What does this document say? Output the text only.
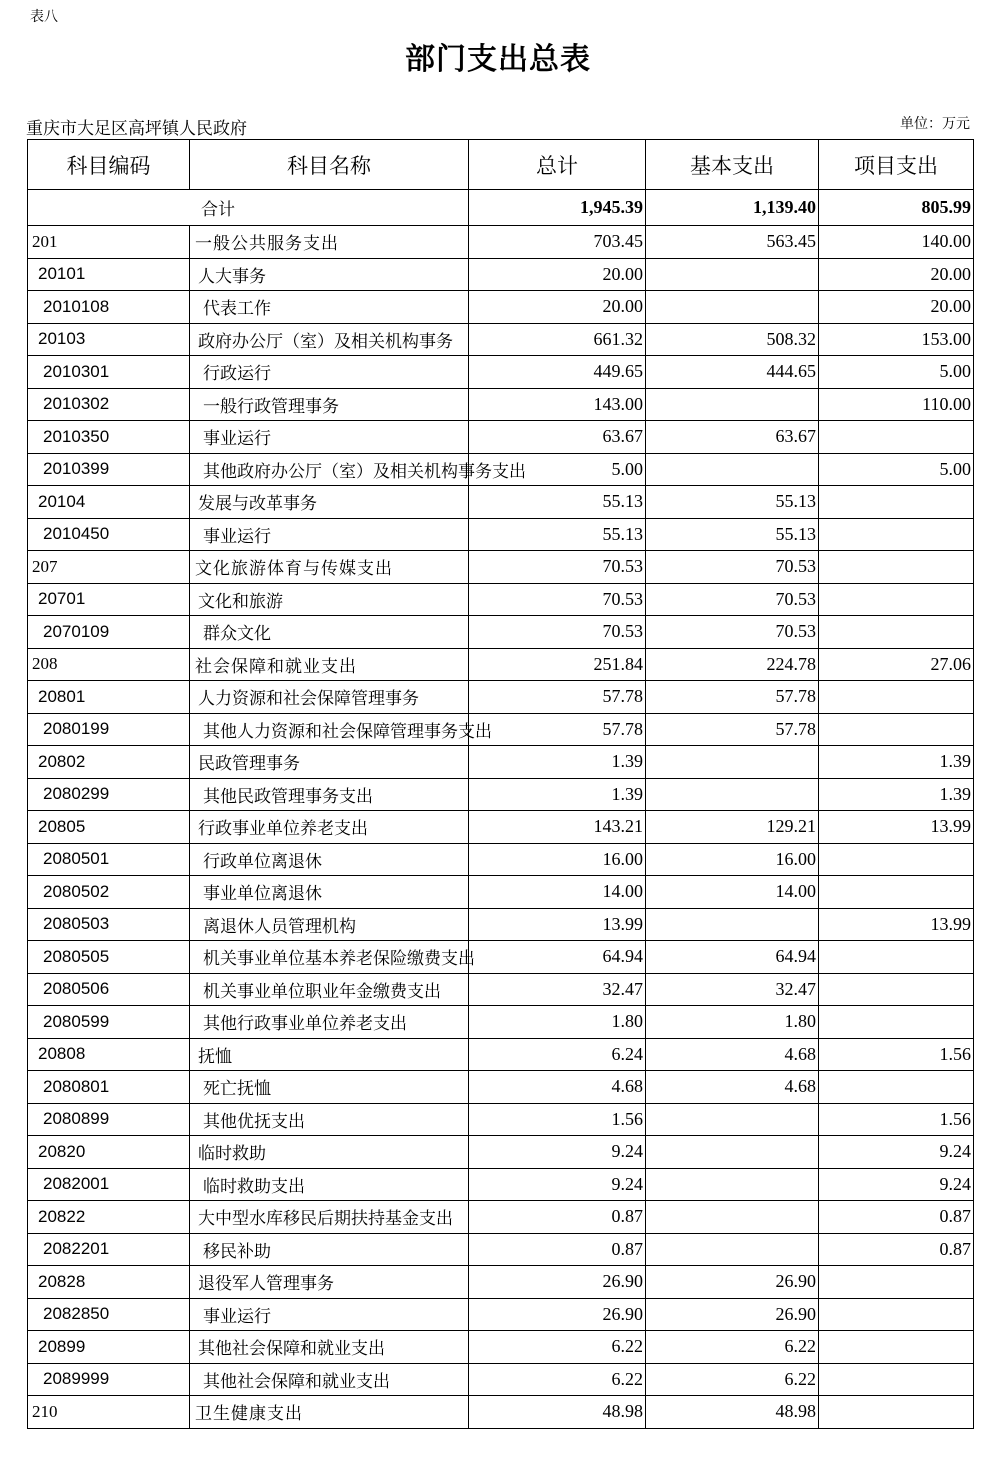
表八
部门支出总表
重庆市大足区高坪镇人民政府	单位：万元
科目编码	科目名称	总计	基本支出	项目支出
合计		1,945.39	1,139.40	805.99
201	一般公共服务支出	703.45	563.45	140.00
20101	人大事务	20.00		20.00
2010108	代表工作	20.00		20.00
20103	政府办公厅（室）及相关机构事务	661.32	508.32	153.00
2010301	行政运行	449.65	444.65	5.00
2010302	一般行政管理事务	143.00		110.00
2010350	事业运行	63.67	63.67	
2010399	其他政府办公厅（室）及相关机构事务支出	5.00		5.00
20104	发展与改革事务	55.13	55.13	
2010450	事业运行	55.13	55.13	
207	文化旅游体育与传媒支出	70.53	70.53	
20701	文化和旅游	70.53	70.53	
2070109	群众文化	70.53	70.53	
208	社会保障和就业支出	251.84	224.78	27.06
20801	人力资源和社会保障管理事务	57.78	57.78	
2080199	其他人力资源和社会保障管理事务支出	57.78	57.78	
20802	民政管理事务	1.39		1.39
2080299	其他民政管理事务支出	1.39		1.39
20805	行政事业单位养老支出	143.21	129.21	13.99
2080501	行政单位离退休	16.00	16.00	
2080502	事业单位离退休	14.00	14.00	
2080503	离退休人员管理机构	13.99		13.99
2080505	机关事业单位基本养老保险缴费支出	64.94	64.94	
2080506	机关事业单位职业年金缴费支出	32.47	32.47	
2080599	其他行政事业单位养老支出	1.80	1.80	
20808	抚恤	6.24	4.68	1.56
2080801	死亡抚恤	4.68	4.68	
2080899	其他优抚支出	1.56		1.56
20820	临时救助	9.24		9.24
2082001	临时救助支出	9.24		9.24
20822	大中型水库移民后期扶持基金支出	0.87		0.87
2082201	移民补助	0.87		0.87
20828	退役军人管理事务	26.90	26.90	
2082850	事业运行	26.90	26.90	
20899	其他社会保障和就业支出	6.22	6.22	
2089999	其他社会保障和就业支出	6.22	6.22	
210	卫生健康支出	48.98	48.98	
